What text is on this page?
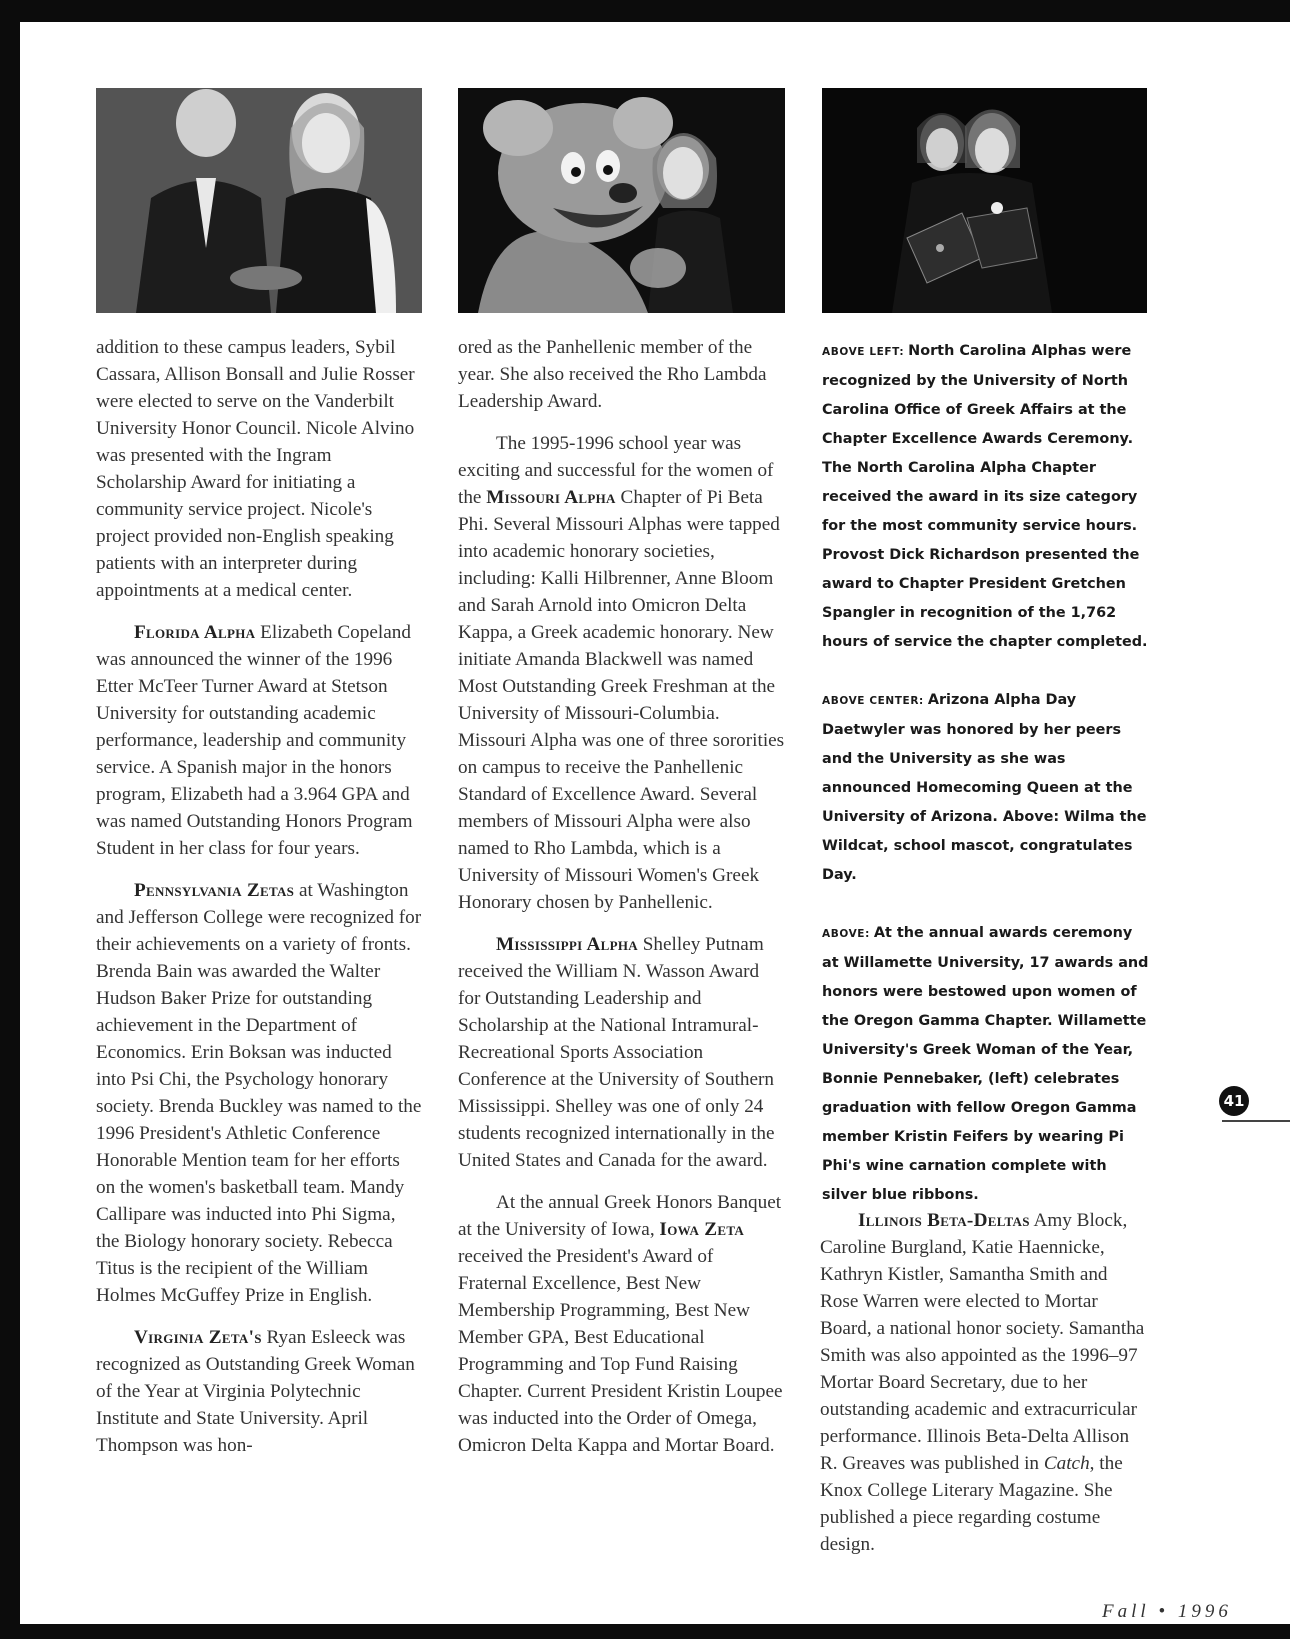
addition to these campus leaders, Sybil Cassara, Allison Bonsall and Julie Rosser were elected to serve on the Vanderbilt University Honor Council. Nicole Alvino was presented with the Ingram Scholarship Award for initiating a community service project. Nicole's project provided non-English speaking patients with an interpreter during appointments at a medical center.

Florida Alpha Elizabeth Copeland was announced the winner of the 1996 Etter McTeer Turner Award at Stetson University for outstanding academic performance, leadership and community service. A Spanish major in the honors program, Elizabeth had a 3.964 GPA and was named Outstanding Honors Program Student in her class for four years.

Pennsylvania Zetas at Washington and Jefferson College were recognized for their achievements on a variety of fronts. Brenda Bain was awarded the Walter Hudson Baker Prize for outstanding achievement in the Department of Economics. Erin Boksan was inducted into Psi Chi, the Psychology honorary society. Brenda Buckley was named to the 1996 President's Athletic Conference Honorable Mention team for her efforts on the women's basketball team. Mandy Callipare was inducted into Phi Sigma, the Biology honorary society. Rebecca Titus is the recipient of the William Holmes McGuffey Prize in English.

Virginia Zeta's Ryan Esleeck was recognized as Outstanding Greek Woman of the Year at Virginia Polytechnic Institute and State University. April Thompson was hon-

ored as the Panhellenic member of the year. She also received the Rho Lambda Leadership Award.

The 1995-1996 school year was exciting and successful for the women of the Missouri Alpha Chapter of Pi Beta Phi. Several Missouri Alphas were tapped into academic honorary societies, including: Kalli Hilbrenner, Anne Bloom and Sarah Arnold into Omicron Delta Kappa, a Greek academic honorary. New initiate Amanda Blackwell was named Most Outstanding Greek Freshman at the University of Missouri-Columbia. Missouri Alpha was one of three sororities on campus to receive the Panhellenic Standard of Excellence Award. Several members of Missouri Alpha were also named to Rho Lambda, which is a University of Missouri Women's Greek Honorary chosen by Panhellenic.

Mississippi Alpha Shelley Putnam received the William N. Wasson Award for Outstanding Leadership and Scholarship at the National Intramural-Recreational Sports Association Conference at the University of Southern Mississippi. Shelley was one of only 24 students recognized internationally in the United States and Canada for the award.

At the annual Greek Honors Banquet at the University of Iowa, Iowa Zeta received the President's Award of Fraternal Excellence, Best New Membership Programming, Best New Member GPA, Best Educational Programming and Top Fund Raising Chapter. Current President Kristin Loupee was inducted into the Order of Omega, Omicron Delta Kappa and Mortar Board.

ABOVE LEFT: North Carolina Alphas were recognized by the University of North Carolina Office of Greek Affairs at the Chapter Excellence Awards Ceremony. The North Carolina Alpha Chapter received the award in its size category for the most community service hours. Provost Dick Richardson presented the award to Chapter President Gretchen Spangler in recognition of the 1,762 hours of service the chapter completed.

ABOVE CENTER: Arizona Alpha Day Daetwyler was honored by her peers and the University as she was announced Homecoming Queen at the University of Arizona. Above: Wilma the Wildcat, school mascot, congratulates Day.

ABOVE: At the annual awards ceremony at Willamette University, 17 awards and honors were bestowed upon women of the Oregon Gamma Chapter. Willamette University's Greek Woman of the Year, Bonnie Pennebaker, (left) celebrates graduation with fellow Oregon Gamma member Kristin Feifers by wearing Pi Phi's wine carnation complete with silver blue ribbons.

Illinois Beta-Deltas Amy Block, Caroline Burgland, Katie Haennicke, Kathryn Kistler, Samantha Smith and Rose Warren were elected to Mortar Board, a national honor society. Samantha Smith was also appointed as the 1996–97 Mortar Board Secretary, due to her outstanding academic and extracurricular performance. Illinois Beta-Delta Allison R. Greaves was published in Catch, the Knox College Literary Magazine. She published a piece regarding costume design.

41
Fall • 1996
